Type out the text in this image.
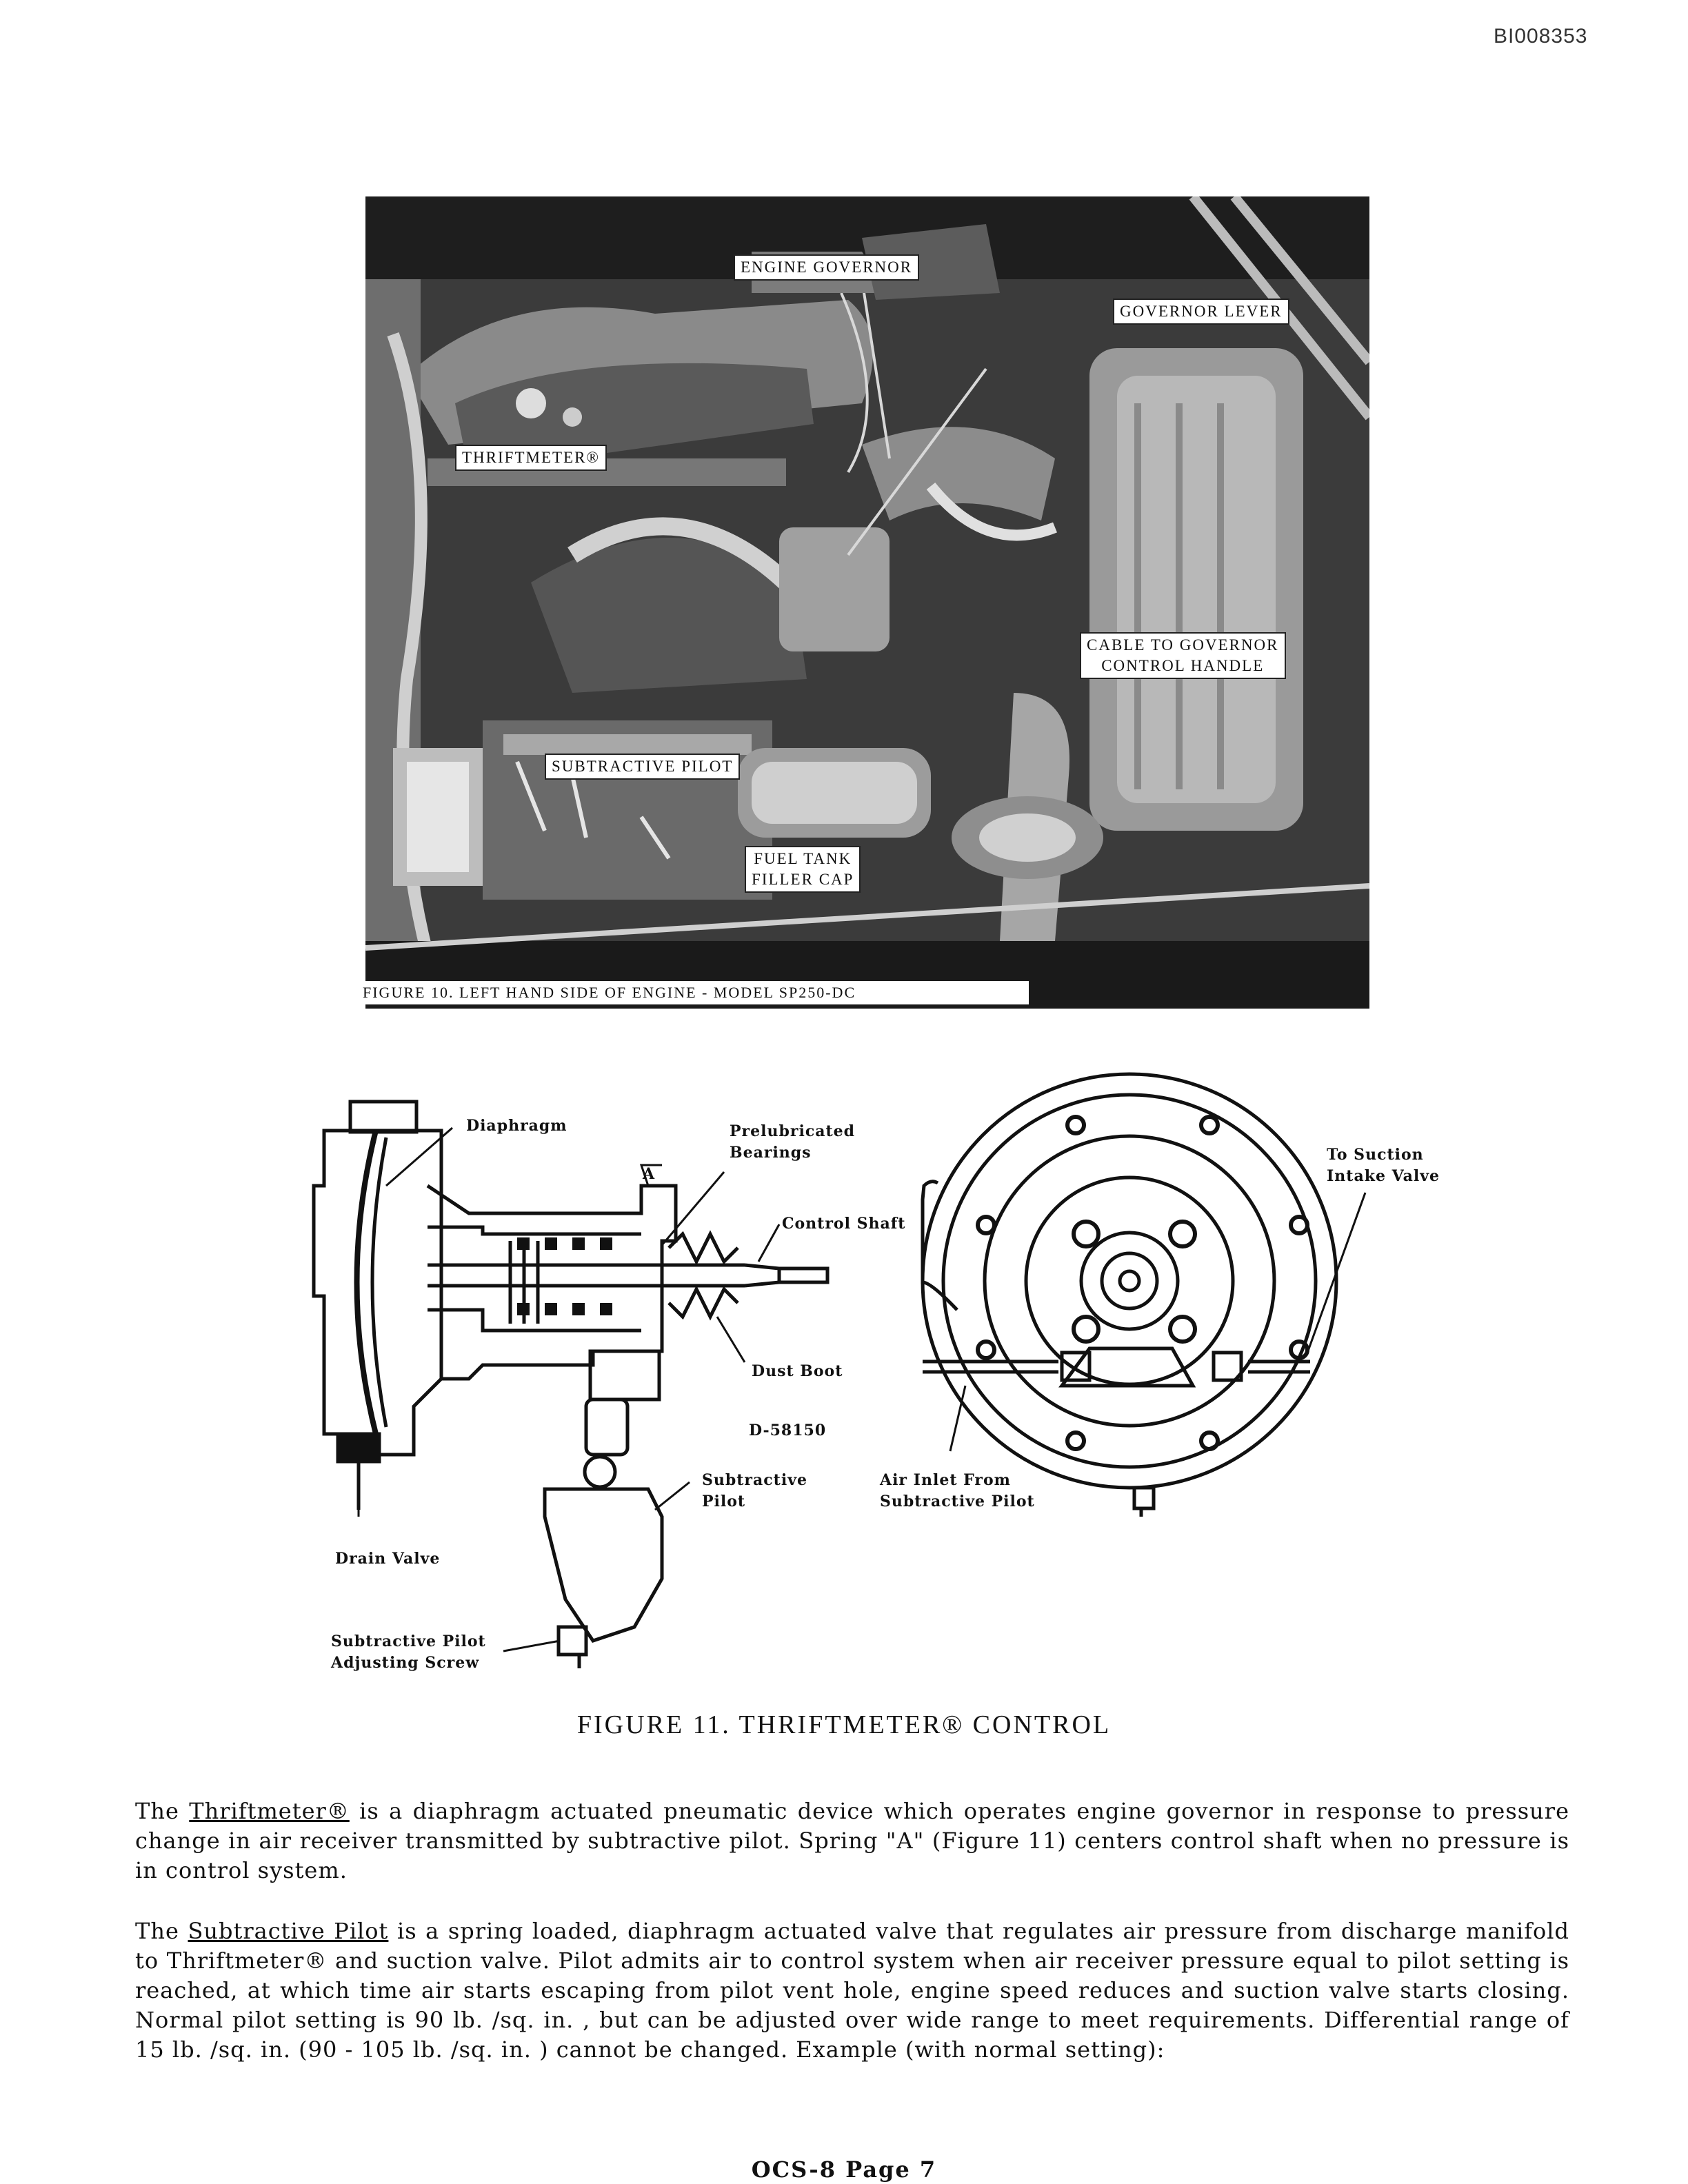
BI008353
ENGINE GOVERNOR
GOVERNOR LEVER
THRIFTMETER®
CABLE TO GOVERNOR
CONTROL HANDLE
SUBTRACTIVE PILOT
FUEL TANK
FILLER CAP
FIGURE 10. LEFT HAND SIDE OF ENGINE - MODEL SP250-DC
Diaphragm	Prelubricated
Bearings
A
Control Shaft
Dust Boot
D-58150
Subtractive
Pilot
Drain Valve
Subtractive Pilot
Adjusting Screw
To Suction
Intake Valve
Air Inlet From
Subtractive Pilot
FIGURE 11. THRIFTMETER® CONTROL
The Thriftmeter® is a diaphragm actuated pneumatic device which operates engine governor in response to pressure change in air receiver transmitted by subtractive pilot. Spring "A" (Figure 11) centers control shaft when no pressure is in control system.
The Subtractive Pilot is a spring loaded, diaphragm actuated valve that regulates air pressure from discharge manifold to Thriftmeter® and suction valve. Pilot admits air to control system when air receiver pressure equal to pilot setting is reached, at which time air starts escaping from pilot vent hole, engine speed reduces and suction valve starts closing. Normal pilot setting is 90 lb. /sq. in. , but can be adjusted over wide range to meet requirements. Differential range of 15 lb. /sq. in. (90 - 105 lb. /sq. in. ) cannot be changed. Example (with normal setting):
OCS-8 Page 7
